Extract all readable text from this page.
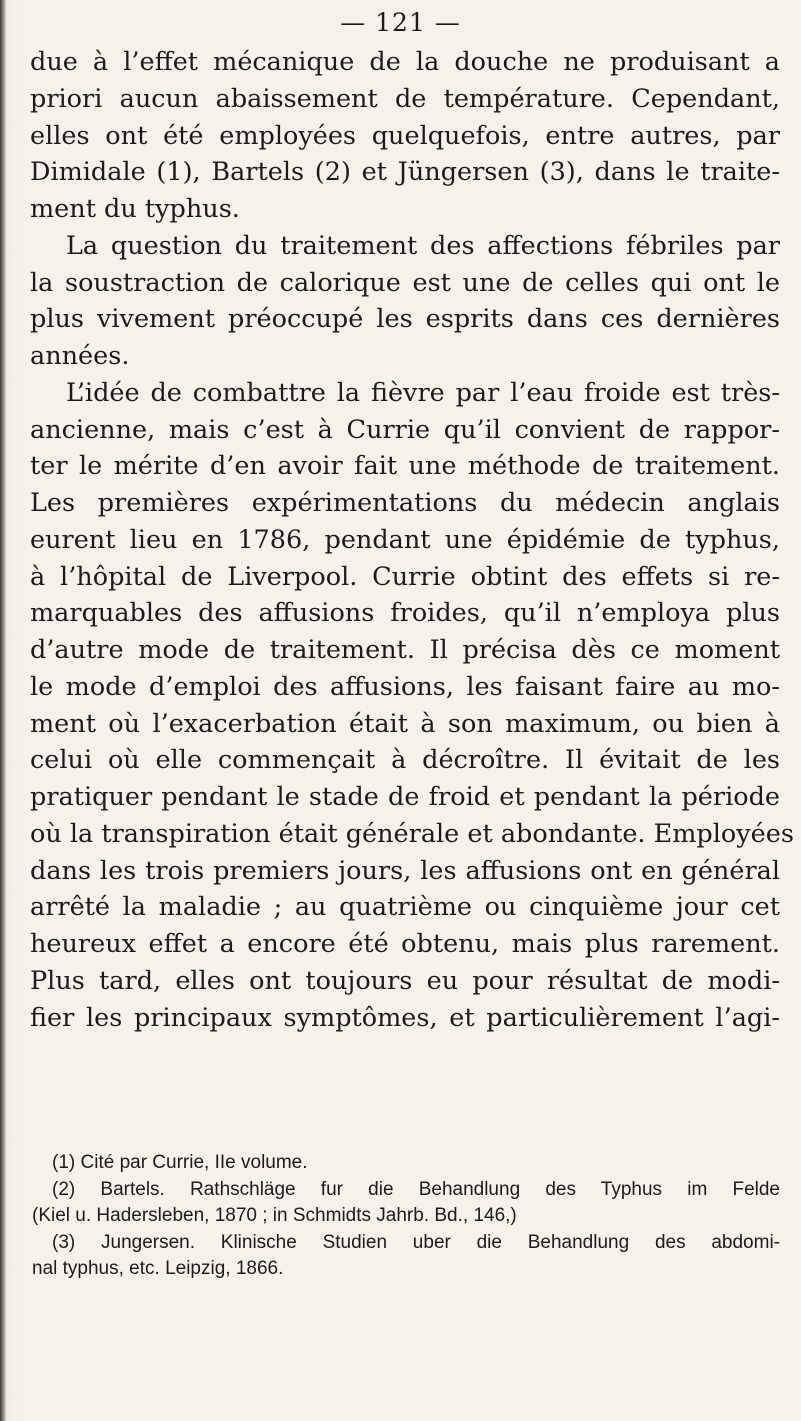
— 121 —
due à l’effet mécanique de la douche ne produisant a
priori aucun abaissement de température. Cependant,
elles ont été employées quelquefois, entre autres, par
Dimidale (1), Bartels (2) et Jüngersen (3), dans le traite-
ment du typhus.
La question du traitement des affections fébriles par
la soustraction de calorique est une de celles qui ont le
plus vivement préoccupé les esprits dans ces dernières
années.
L’idée de combattre la fièvre par l’eau froide est très-
ancienne, mais c’est à Currie qu’il convient de rappor-
ter le mérite d’en avoir fait une méthode de traitement.
Les premières expérimentations du médecin anglais
eurent lieu en 1786, pendant une épidémie de typhus,
à l’hôpital de Liverpool. Currie obtint des effets si re-
marquables des affusions froides, qu’il n’employa plus
d’autre mode de traitement. Il précisa dès ce moment
le mode d’emploi des affusions, les faisant faire au mo-
ment où l’exacerbation était à son maximum, ou bien à
celui où elle commençait à décroître. Il évitait de les
pratiquer pendant le stade de froid et pendant la période
où la transpiration était générale et abondante. Employées
dans les trois premiers jours, les affusions ont en général
arrêté la maladie ; au quatrième ou cinquième jour cet
heureux effet a encore été obtenu, mais plus rarement.
Plus tard, elles ont toujours eu pour résultat de modi-
fier les principaux symptômes, et particulièrement l’agi-
(1) Cité par Currie, IIe volume.
(2) Bartels. Rathschläge fur die Behandlung des Typhus im Felde
(Kiel u. Hadersleben, 1870 ; in Schmidts Jahrb. Bd., 146,)
(3) Jungersen. Klinische Studien uber die Behandlung des abdomi-
nal typhus, etc. Leipzig, 1866.
